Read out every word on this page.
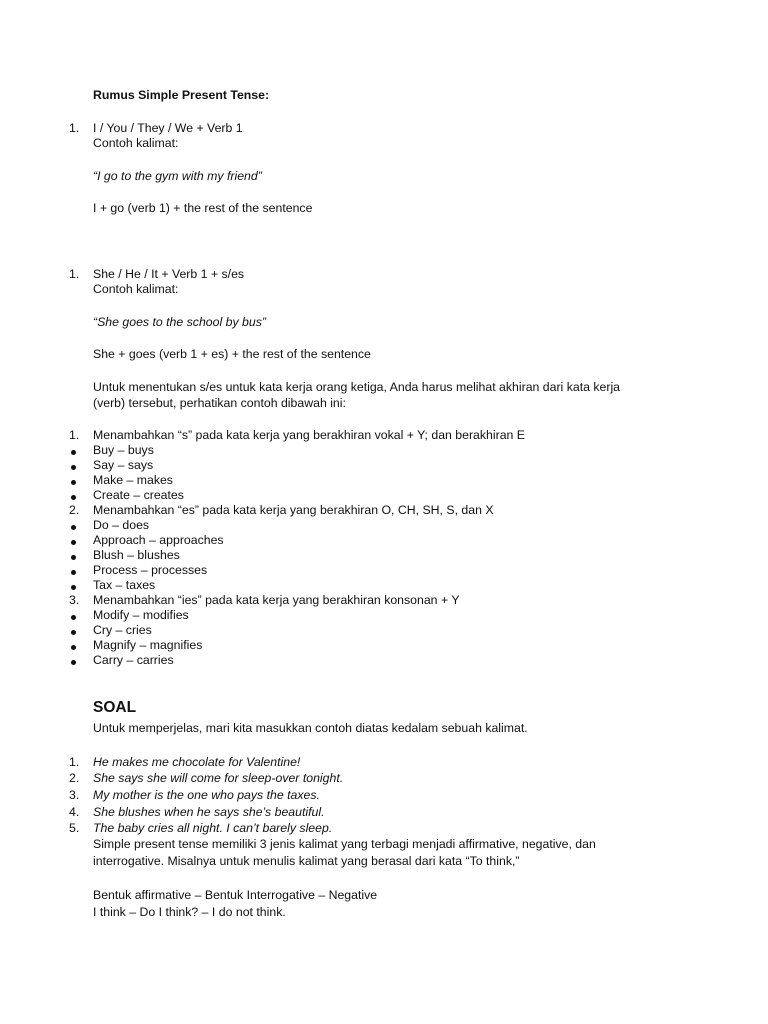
Rumus Simple Present Tense:
1. I / You / They / We + Verb 1
Contoh kalimat:
“I go to the gym with my friend”
I + go (verb 1) + the rest of the sentence
1. She / He / It + Verb 1 + s/es
Contoh kalimat:
“She goes to the school by bus”
She + goes (verb 1 + es) + the rest of the sentence
Untuk menentukan s/es untuk kata kerja orang ketiga, Anda harus melihat akhiran dari kata kerja
(verb) tersebut, perhatikan contoh dibawah ini:
1. Menambahkan “s” pada kata kerja yang berakhiran vokal + Y; dan berakhiran E
Buy – buys
Say – says
Make – makes
Create – creates
2. Menambahkan “es” pada kata kerja yang berakhiran O, CH, SH, S, dan X
Do – does
Approach – approaches
Blush – blushes
Process – processes
Tax – taxes
3. Menambahkan “ies” pada kata kerja yang berakhiran konsonan + Y
Modify – modifies
Cry – cries
Magnify – magnifies
Carry – carries
SOAL
Untuk memperjelas, mari kita masukkan contoh diatas kedalam sebuah kalimat.
1. He makes me chocolate for Valentine!
2. She says she will come for sleep-over tonight.
3. My mother is the one who pays the taxes.
4. She blushes when he says she’s beautiful.
5. The baby cries all night. I can’t barely sleep.
Simple present tense memiliki 3 jenis kalimat yang terbagi menjadi affirmative, negative, dan
interrogative. Misalnya untuk menulis kalimat yang berasal dari kata “To think,”
Bentuk affirmative – Bentuk Interrogative – Negative
I think – Do I think? – I do not think.
